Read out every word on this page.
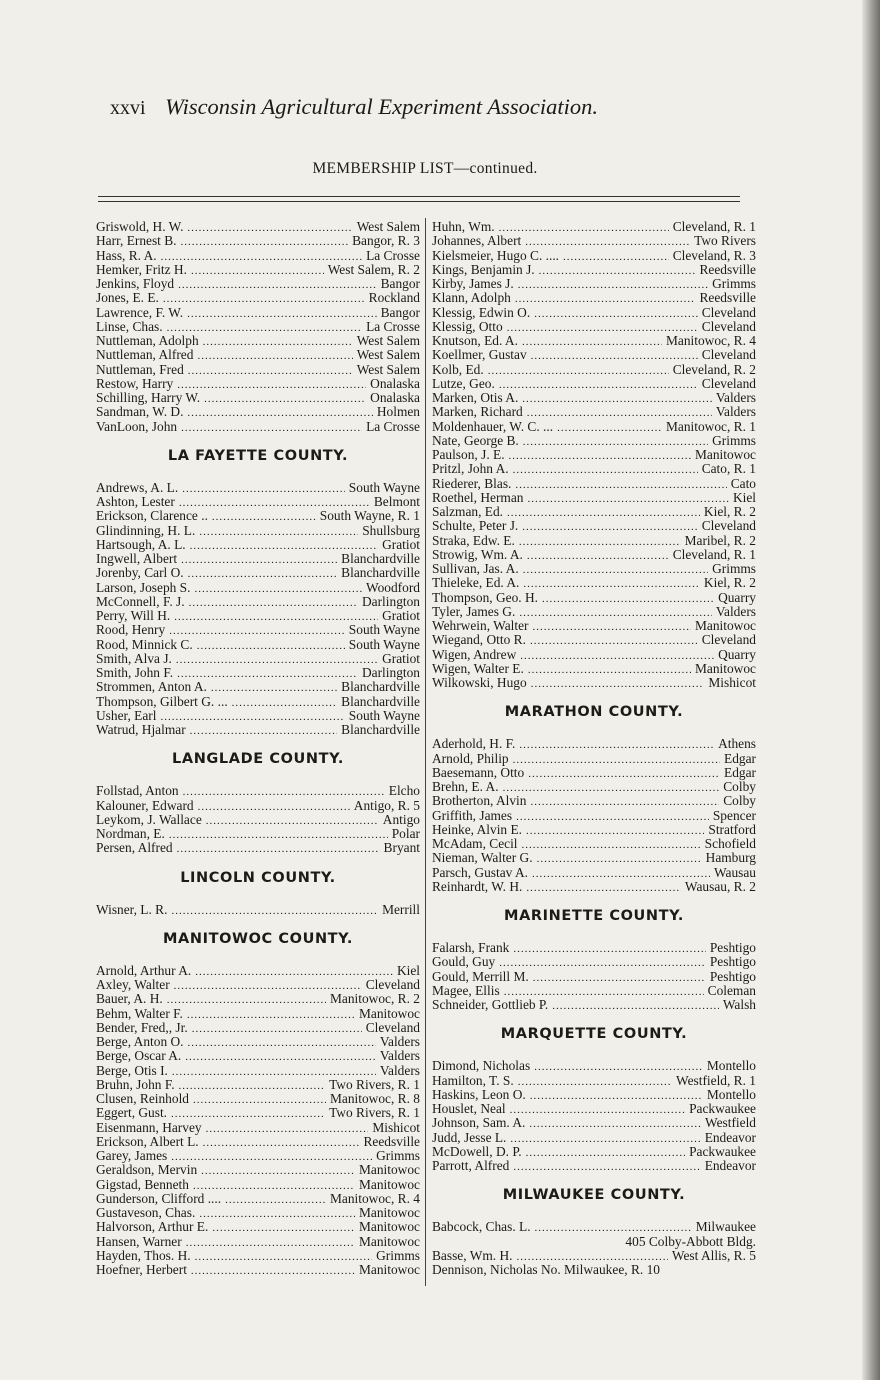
xxvi Wisconsin Agricultural Experiment Association.
MEMBERSHIP LIST—continued.
Griswold, H. W. .....	West Salem
Harr, Ernest B. .....	Bangor, R. 3
Hass, R. A. .....	La Crosse
Hemker, Fritz H. .....	West Salem, R. 2
Jenkins, Floyd .....	Bangor
Jones, E. E. .....	Rockland
Lawrence, F. W. .....	Bangor
Linse, Chas. .....	La Crosse
Nuttleman, Adolph .....	West Salem
Nuttleman, Alfred .....	West Salem
Nuttleman, Fred .....	West Salem
Restow, Harry .....	Onalaska
Schilling, Harry W. .....	Onalaska
Sandman, W. D. .....	Holmen
VanLoon, John .....	La Crosse
LA FAYETTE COUNTY.
Andrews, A. L. .....	South Wayne
Ashton, Lester .....	Belmont
Erickson, Clarence .. .....	South Wayne, R. 1
Glindinning, H. L. .....	Shullsburg
Hartsough, A. L. .....	Gratiot
Ingwell, Albert .....	Blanchardville
Jorenby, Carl O. .....	Blanchardville
Larson, Joseph S. .....	Woodford
McConnell, F. J. .....	Darlington
Perry, Will H. .....	Gratiot
Rood, Henry .....	South Wayne
Rood, Minnick C. .....	South Wayne
Smith, Alva J. .....	Gratiot
Smith, John F. .....	Darlington
Strommen, Anton A. .....	Blanchardville
Thompson, Gilbert G. ... .....	Blanchardville
Usher, Earl .....	South Wayne
Watrud, Hjalmar .....	Blanchardville
LANGLADE COUNTY.
Follstad, Anton .....	Elcho
Kalouner, Edward .....	Antigo, R. 5
Leykom, J. Wallace .....	Antigo
Nordman, E. .....	Polar
Persen, Alfred .....	Bryant
LINCOLN COUNTY.
Wisner, L. R. .....	Merrill
MANITOWOC COUNTY.
Arnold, Arthur A. .....	Kiel
Axley, Walter .....	Cleveland
Bauer, A. H. .....	Manitowoc, R. 2
Behm, Walter F. .....	Manitowoc
Bender, Fred,, Jr. .....	Cleveland
Berge, Anton O. .....	Valders
Berge, Oscar A. .....	Valders
Berge, Otis I. .....	Valders
Bruhn, John F. .....	Two Rivers, R. 1
Clusen, Reinhold .....	Manitowoc, R. 8
Eggert, Gust. .....	Two Rivers, R. 1
Eisenmann, Harvey .....	Mishicot
Erickson, Albert L. .....	Reedsville
Garey, James .....	Grimms
Geraldson, Mervin .....	Manitowoc
Gigstad, Benneth .....	Manitowoc
Gunderson, Clifford .... .....	Manitowoc, R. 4
Gustaveson, Chas. .....	Manitowoc
Halvorson, Arthur E. .....	Manitowoc
Hansen, Warner .....	Manitowoc
Hayden, Thos. H. .....	Grimms
Hoefner, Herbert .....	Manitowoc
Huhn, Wm. .....	Cleveland, R. 1
Johannes, Albert .....	Two Rivers
Kielsmeier, Hugo C. .... .....	Cleveland, R. 3
Kings, Benjamin J. .....	Reedsville
Kirby, James J. .....	Grimms
Klann, Adolph .....	Reedsville
Klessig, Edwin O. .....	Cleveland
Klessig, Otto .....	Cleveland
Knutson, Ed. A. .....	Manitowoc, R. 4
Koellmer, Gustav .....	Cleveland
Kolb, Ed. .....	Cleveland, R. 2
Lutze, Geo. .....	Cleveland
Marken, Otis A. .....	Valders
Marken, Richard .....	Valders
Moldenhauer, W. C. ... .....	Manitowoc, R. 1
Nate, George B. .....	Grimms
Paulson, J. E. .....	Manitowoc
Pritzl, John A. .....	Cato, R. 1
Riederer, Blas. .....	Cato
Roethel, Herman .....	Kiel
Salzman, Ed. .....	Kiel, R. 2
Schulte, Peter J. .....	Cleveland
Straka, Edw. E. .....	Maribel, R. 2
Strowig, Wm. A. .....	Cleveland, R. 1
Sullivan, Jas. A. .....	Grimms
Thieleke, Ed. A. .....	Kiel, R. 2
Thompson, Geo. H. .....	Quarry
Tyler, James G. .....	Valders
Wehrwein, Walter .....	Manitowoc
Wiegand, Otto R. .....	Cleveland
Wigen, Andrew .....	Quarry
Wigen, Walter E. .....	Manitowoc
Wilkowski, Hugo .....	Mishicot
MARATHON COUNTY.
Aderhold, H. F. .....	Athens
Arnold, Philip .....	Edgar
Baesemann, Otto .....	Edgar
Brehn, E. A. .....	Colby
Brotherton, Alvin .....	Colby
Griffith, James .....	Spencer
Heinke, Alvin E. .....	Stratford
McAdam, Cecil .....	Schofield
Nieman, Walter G. .....	Hamburg
Parsch, Gustav A. .....	Wausau
Reinhardt, W. H. .....	Wausau, R. 2
MARINETTE COUNTY.
Falarsh, Frank .....	Peshtigo
Gould, Guy .....	Peshtigo
Gould, Merrill M. .....	Peshtigo
Magee, Ellis .....	Coleman
Schneider, Gottlieb P. .....	Walsh
MARQUETTE COUNTY.
Dimond, Nicholas .....	Montello
Hamilton, T. S. .....	Westfield, R. 1
Haskins, Leon O. .....	Montello
Houslet, Neal .....	Packwaukee
Johnson, Sam. A. .....	Westfield
Judd, Jesse L. .....	Endeavor
McDowell, D. P. .....	Packwaukee
Parrott, Alfred .....	Endeavor
MILWAUKEE COUNTY.
Babcock, Chas. L. .....	Milwaukee
405 Colby-Abbott Bldg.
Basse, Wm. H. .....	West Allis, R. 5
Dennison, Nicholas No. Milwaukee, R. 10
